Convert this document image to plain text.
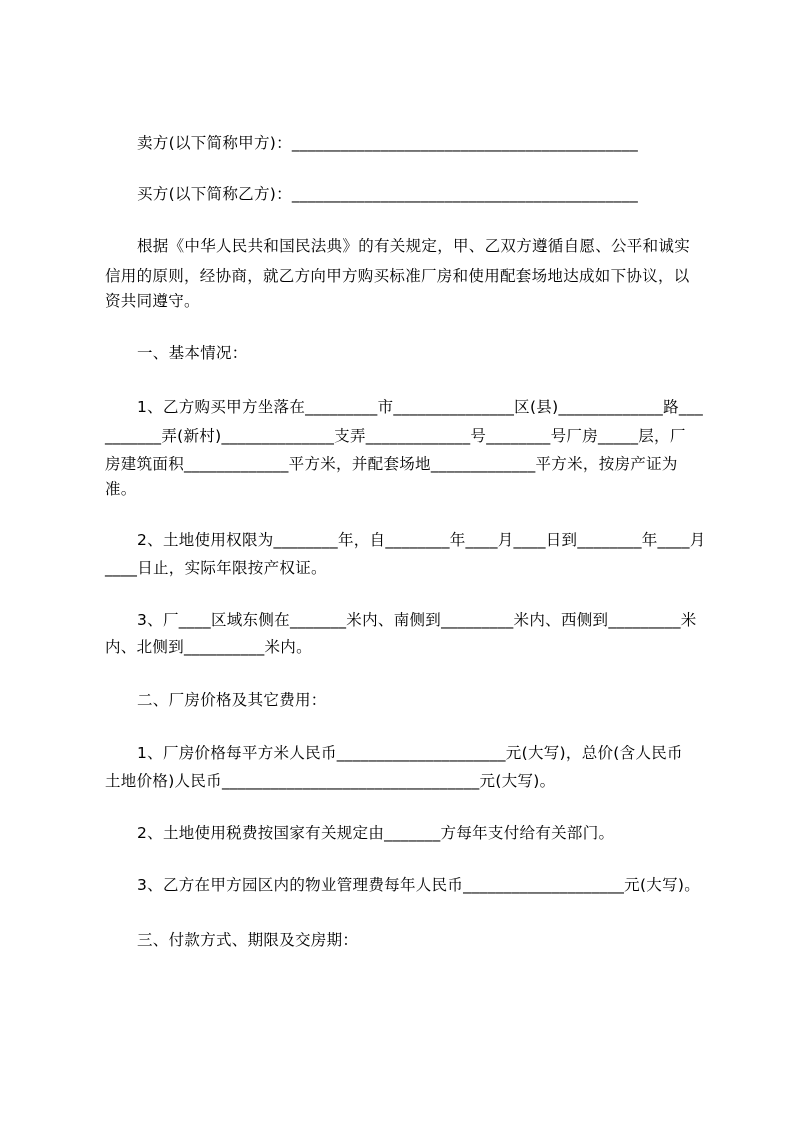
卖方(以下简称甲方)：___________________________________________
买方(以下简称乙方)：___________________________________________
根据《中华人民共和国民法典》的有关规定，甲、乙双方遵循自愿、公平和诚实
信用的原则，经协商，就乙方向甲方购买标准厂房和使用配套场地达成如下协议，以
资共同遵守。
一、基本情况：
1、乙方购买甲方坐落在_________市_______________区(县)_____________路___
_______弄(新村)______________支弄_____________号________号厂房_____层，厂
房建筑面积_____________平方米，并配套场地_____________平方米，按房产证为
准。
2、土地使用权限为________年，自________年____月____日到________年____月
____日止，实际年限按产权证。
3、厂____区域东侧在_______米内、南侧到_________米内、西侧到_________米
内、北侧到__________米内。
二、厂房价格及其它费用：
1、厂房价格每平方米人民币_____________________元(大写)，总价(含人民币
土地价格)人民币________________________________元(大写)。
2、土地使用税费按国家有关规定由_______方每年支付给有关部门。
3、乙方在甲方园区内的物业管理费每年人民币____________________元(大写)。
三、付款方式、期限及交房期：
